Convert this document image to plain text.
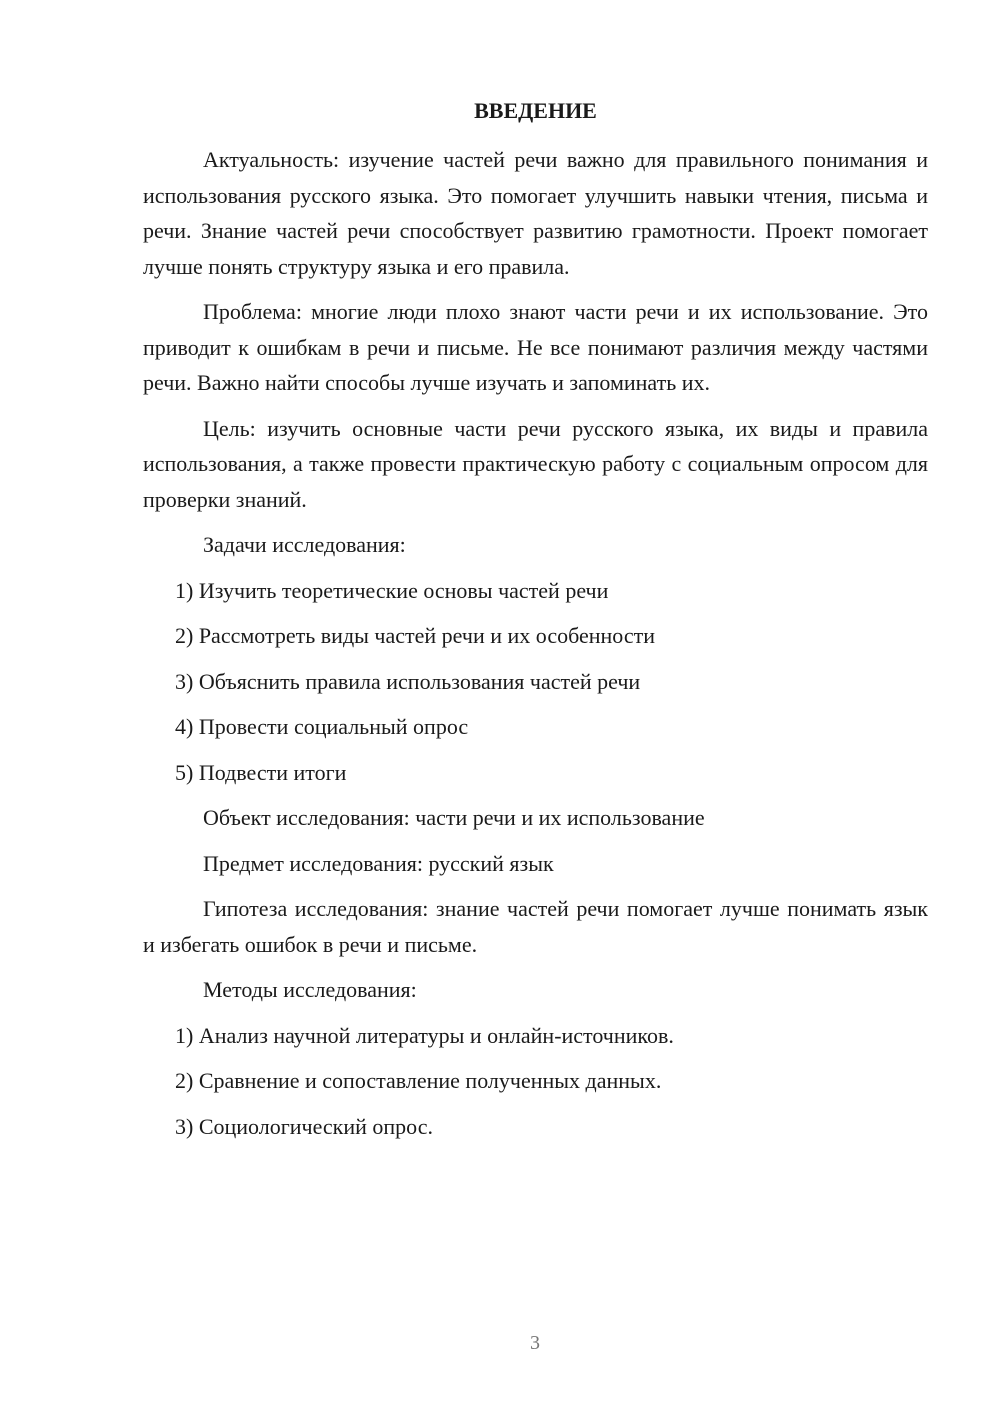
ВВЕДЕНИЕ

Актуальность: изучение частей речи важно для правильного понимания и использования русского языка. Это помогает улучшить навыки чтения, письма и речи. Знание частей речи способствует развитию грамотности. Проект помогает лучше понять структуру языка и его правила.

Проблема: многие люди плохо знают части речи и их использование. Это приводит к ошибкам в речи и письме. Не все понимают различия между частями речи. Важно найти способы лучше изучать и запоминать их.

Цель: изучить основные части речи русского языка, их виды и правила использования, а также провести практическую работу с социальным опросом для проверки знаний.

Задачи исследования:

1) Изучить теоретические основы частей речи

2) Рассмотреть виды частей речи и их особенности

3) Объяснить правила использования частей речи

4) Провести социальный опрос

5) Подвести итоги

Объект исследования: части речи и их использование

Предмет исследования: русский язык

Гипотеза исследования: знание частей речи помогает лучше понимать язык и избегать ошибок в речи и письме.

Методы исследования:

1) Анализ научной литературы и онлайн-источников.

2) Сравнение и сопоставление полученных данных.

3) Социологический опрос.

3
